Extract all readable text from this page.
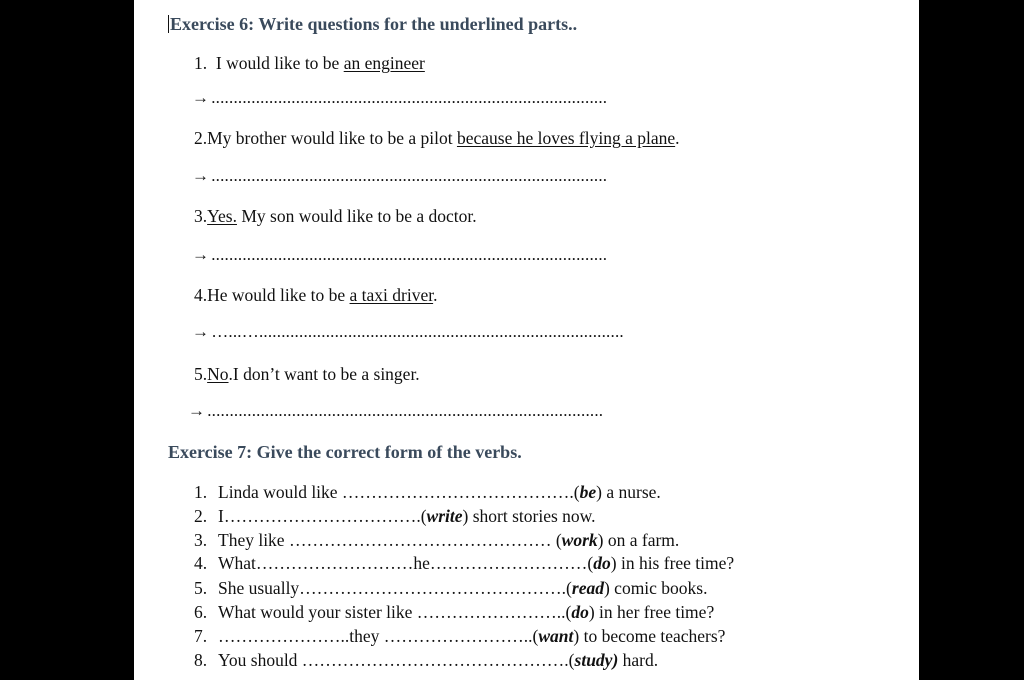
Exercise 6: Write questions for the underlined parts..
1. I would like to be an engineer
→ .........................................................................................
2.My brother would like to be a pilot because he loves flying a plane.
→ .........................................................................................
3.Yes. My son would like to be a doctor.
→ .........................................................................................
4.He would like to be a taxi driver.
→ …...…..................................................................................
5.No.I don’t want to be a singer.
→ .........................................................................................
Exercise 7: Give the correct form of the verbs.
1. Linda would like ………………………………….(be) a nurse.
2. I…………………………….(write) short stories now.
3. They like ……………………………………… (work) on a farm.
4. What………………………he………………………(do) in his free time?
5. She usually……………………………………….(read) comic books.
6. What would your sister like ……………………..(do) in her free time?
7. …………………..they ……………………..(want) to become teachers?
8. You should ……………………………………….(study) hard.
